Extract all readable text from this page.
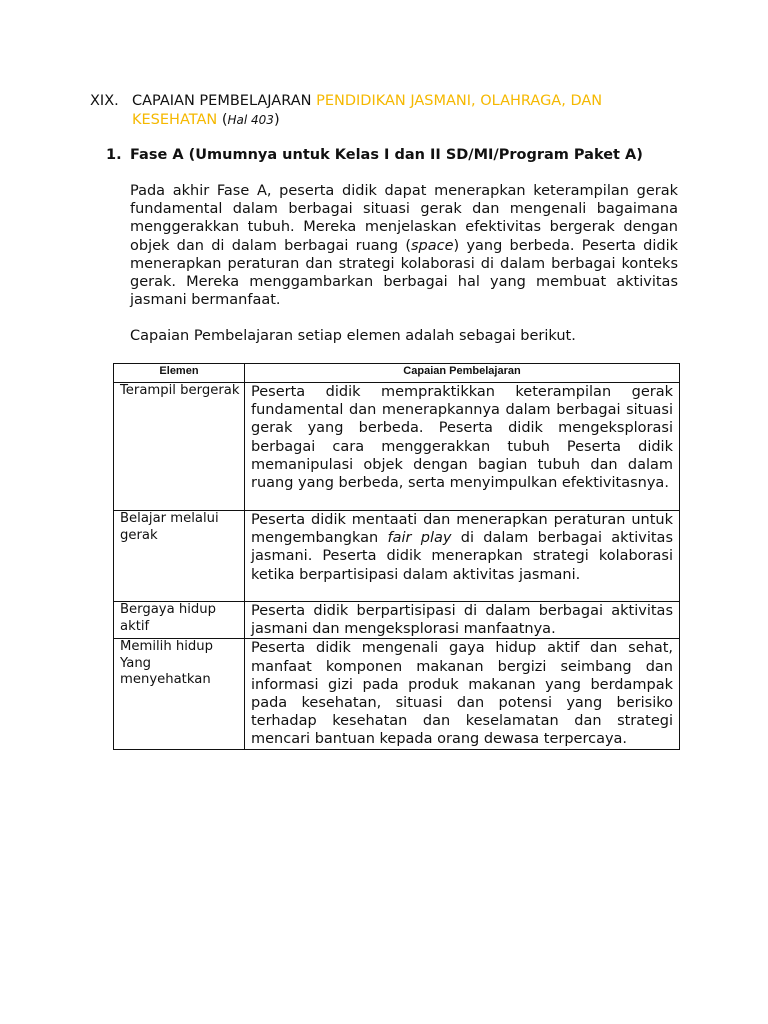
XIX. CAPAIAN PEMBELAJARAN PENDIDIKAN JASMANI, OLAHRAGA, DAN
KESEHATAN (Hal 403)
1. Fase A (Umumnya untuk Kelas I dan II SD/MI/Program Paket A)
Pada akhir Fase A, peserta didik dapat menerapkan keterampilan gerak fundamental dalam berbagai situasi gerak dan mengenali bagaimana menggerakkan tubuh. Mereka menjelaskan efektivitas bergerak dengan objek dan di dalam berbagai ruang (space) yang berbeda. Peserta didik menerapkan peraturan dan strategi kolaborasi di dalam berbagai konteks gerak. Mereka menggambarkan berbagai hal yang membuat aktivitas jasmani bermanfaat.
Capaian Pembelajaran setiap elemen adalah sebagai berikut.
Elemen	Capaian Pembelajaran
Terampil bergerak	Peserta didik mempraktikkan keterampilan gerak fundamental dan menerapkannya dalam berbagai situasi gerak yang berbeda. Peserta didik mengeksplorasi berbagai cara menggerakkan tubuh Peserta didik memanipulasi objek dengan bagian tubuh dan dalam ruang yang berbeda, serta menyimpulkan efektivitasnya.
Belajar melalui gerak	Peserta didik mentaati dan menerapkan peraturan untuk mengembangkan fair play di dalam berbagai aktivitas jasmani. Peserta didik menerapkan strategi kolaborasi ketika berpartisipasi dalam aktivitas jasmani.
Bergaya hidup aktif	Peserta didik berpartisipasi di dalam berbagai aktivitas jasmani dan mengeksplorasi manfaatnya.
Memilih hidup Yang menyehatkan	Peserta didik mengenali gaya hidup aktif dan sehat, manfaat komponen makanan bergizi seimbang dan informasi gizi pada produk makanan yang berdampak pada kesehatan, situasi dan potensi yang berisiko terhadap kesehatan dan keselamatan dan strategi mencari bantuan kepada orang dewasa terpercaya.
